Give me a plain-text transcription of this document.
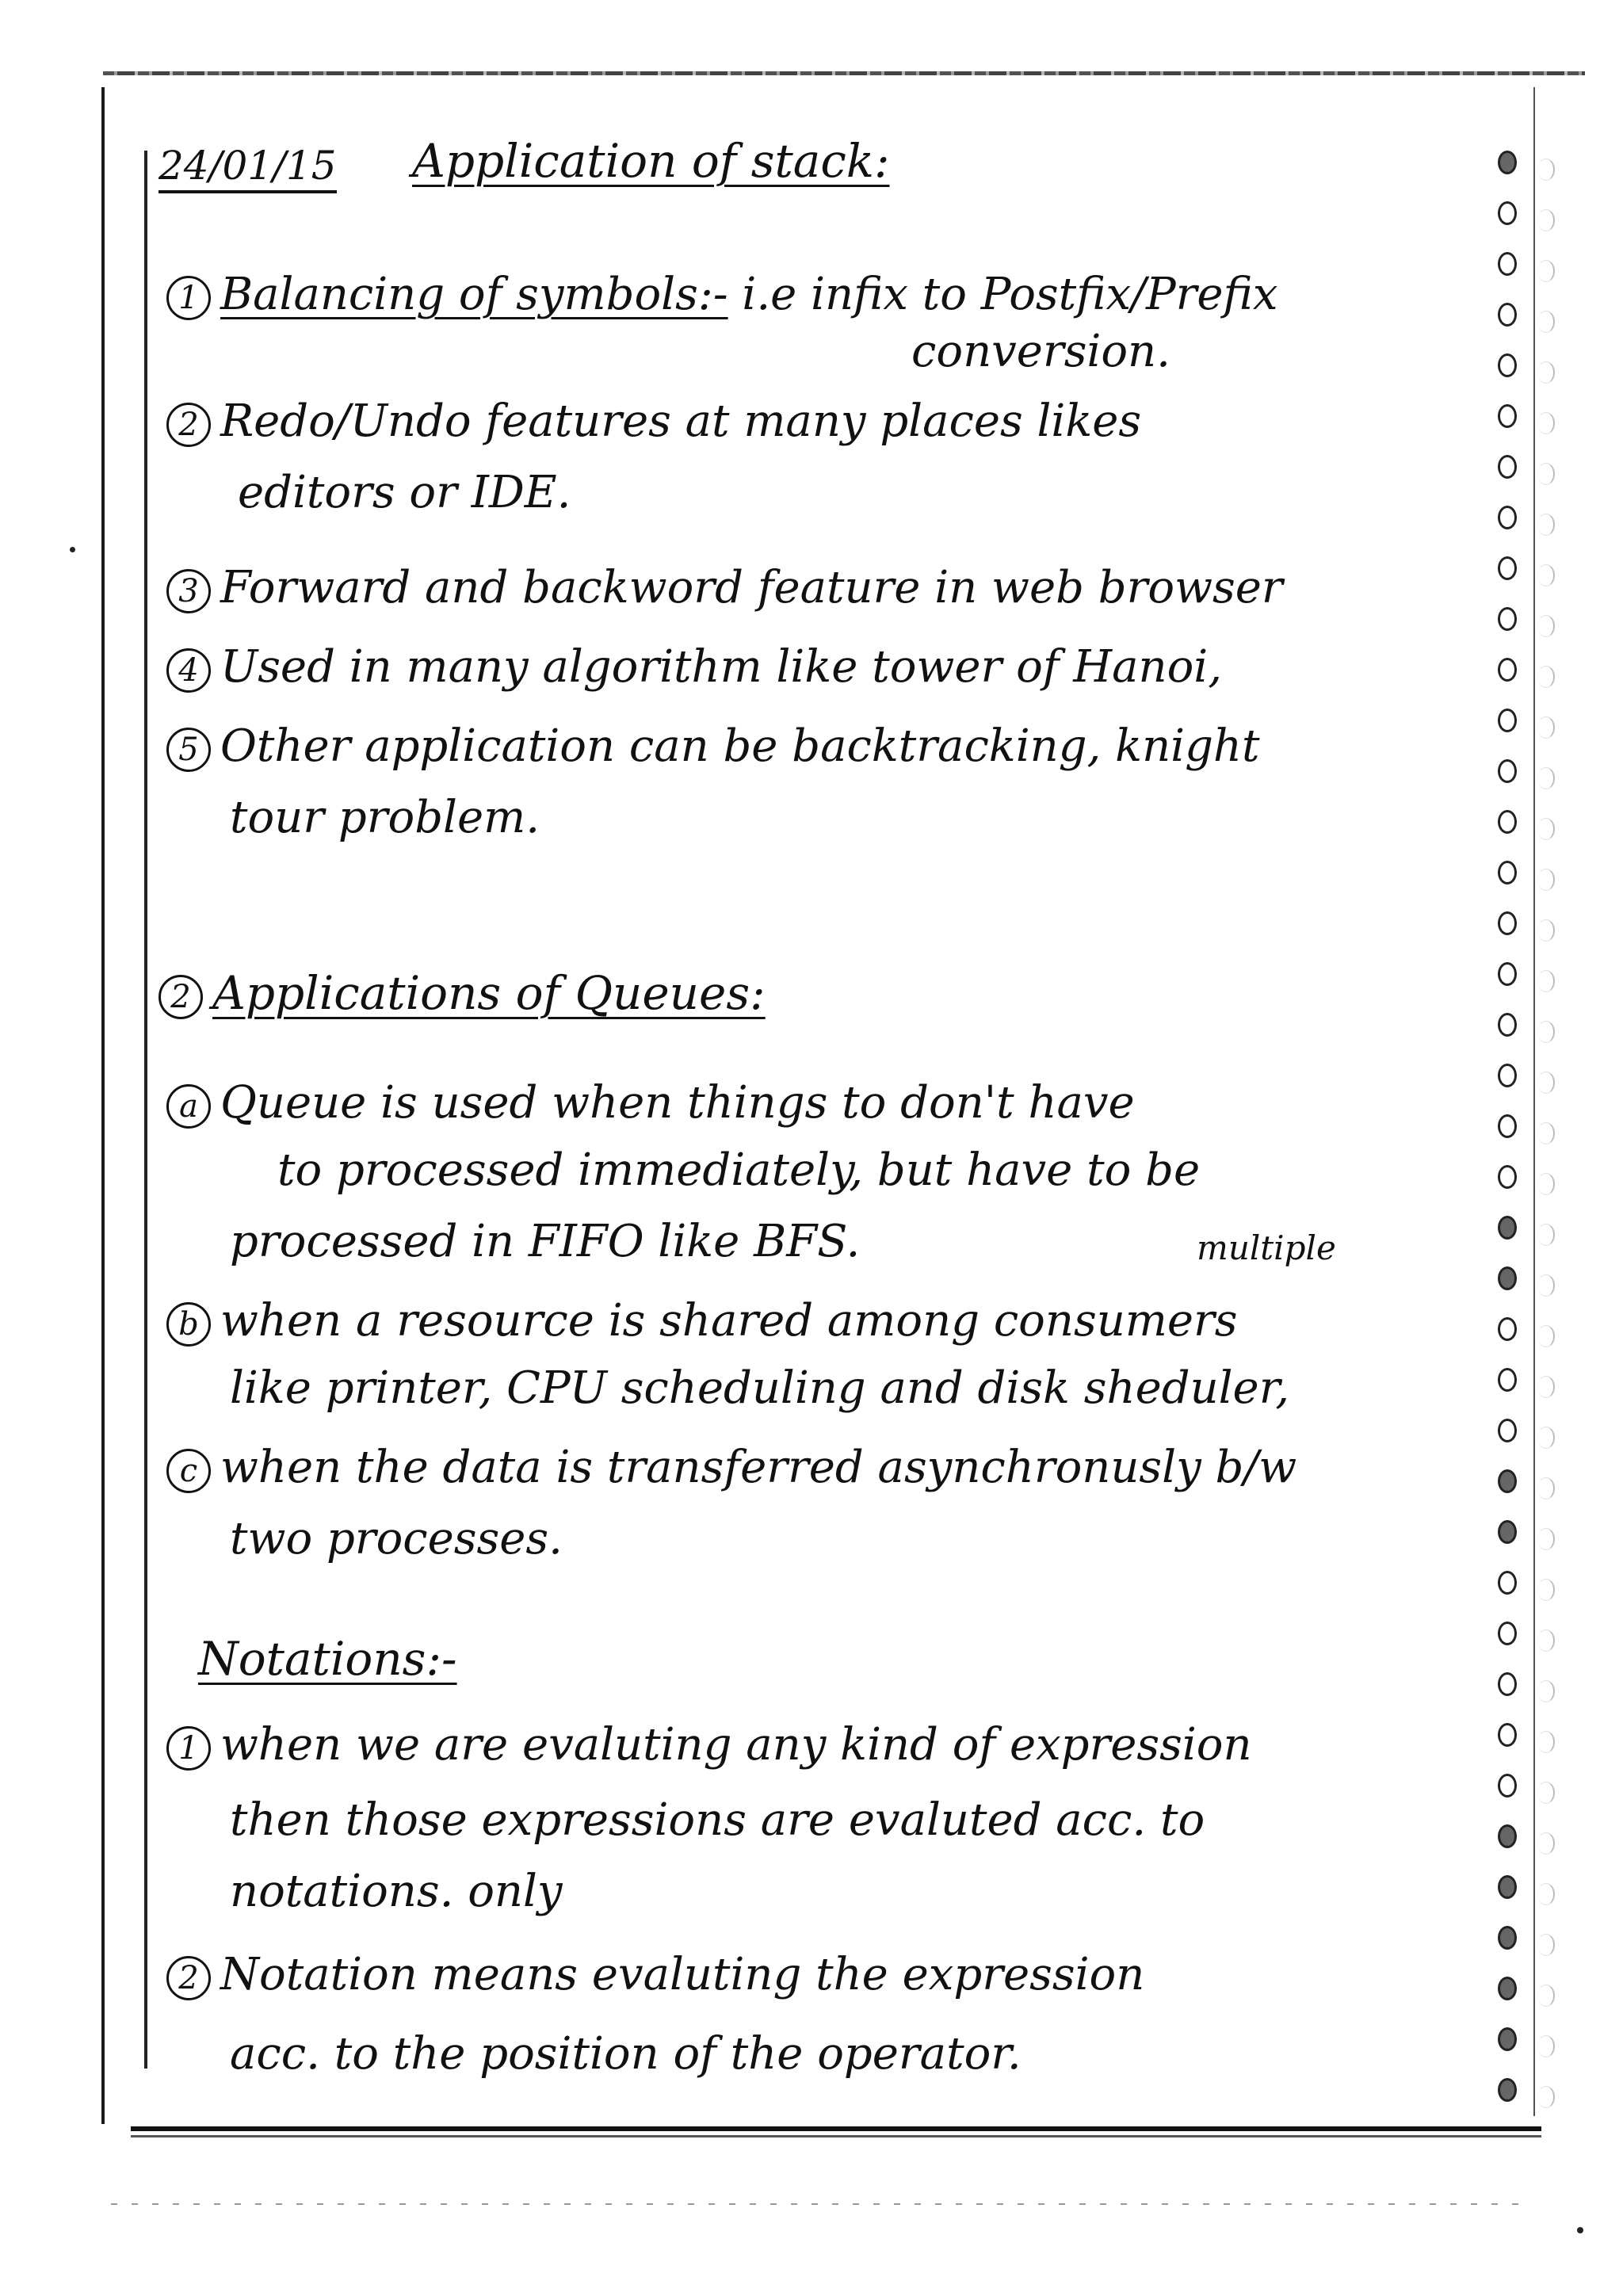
24/01/15 Application of stack:
1 Balancing of symbols:- i.e infix to Postfix/Prefix
conversion.
2 Redo/Undo features at many places likes
editors or IDE.
3 Forward and backword feature in web browser
4 Used in many algorithm like tower of Hanoi,
5 Other application can be backtracking, knight
tour problem.
2 Applications of Queues:
a Queue is used when things to don't have
to processed immediately, but have to be
processed in FIFO like BFS.	multiple
b when a resource is shared among consumers
like printer, CPU scheduling and disk sheduler,
c when the data is transferred asynchronusly b/w
two processes.
Notations:-
1 when we are evaluting any kind of expression
then those expressions are evaluted acc. to
notations. only
2 Notation means evaluting the expression
acc. to the position of the operator.
